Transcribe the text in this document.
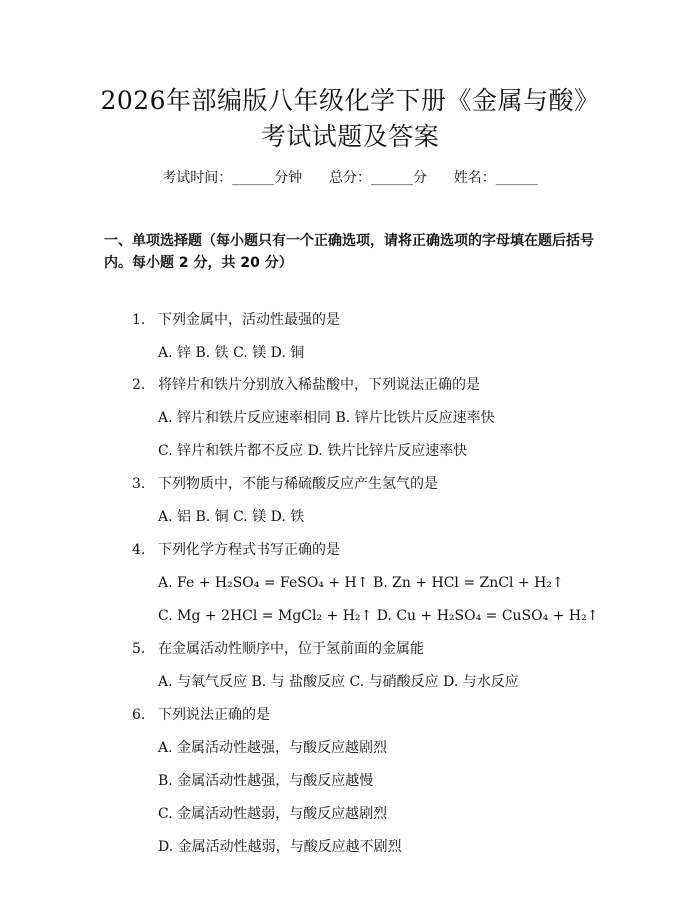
2026年部编版八年级化学下册《金属与酸》
考试试题及答案
考试时间：______分钟      总分：______分      姓名：______
一、单项选择题（每小题只有一个正确选项，请将正确选项的字母填在题后括号
内。每小题 2 分，共 20 分）
1. 下列金属中，活动性最强的是
A. 锌 B. 铁 C. 镁 D. 铜
2. 将锌片和铁片分别放入稀盐酸中，下列说法正确的是
A. 锌片和铁片反应速率相同 B. 锌片比铁片反应速率快
C. 锌片和铁片都不反应 D. 铁片比锌片反应速率快
3. 下列物质中，不能与稀硫酸反应产生氢气的是
A. 铝 B. 铜 C. 镁 D. 铁
4. 下列化学方程式书写正确的是
A. Fe + H₂SO₄ = FeSO₄ + H↑ B. Zn + HCl = ZnCl + H₂↑
C. Mg + 2HCl = MgCl₂ + H₂↑ D. Cu + H₂SO₄ = CuSO₄ + H₂↑
5. 在金属活动性顺序中，位于氢前面的金属能
A. 与氧气反应 B. 与 盐酸反应 C. 与硝酸反应 D. 与水反应
6. 下列说法正确的是
A. 金属活动性越强，与酸反应越剧烈
B. 金属活动性越强，与酸反应越慢
C. 金属活动性越弱，与酸反应越剧烈
D. 金属活动性越弱，与酸反应越不剧烈
